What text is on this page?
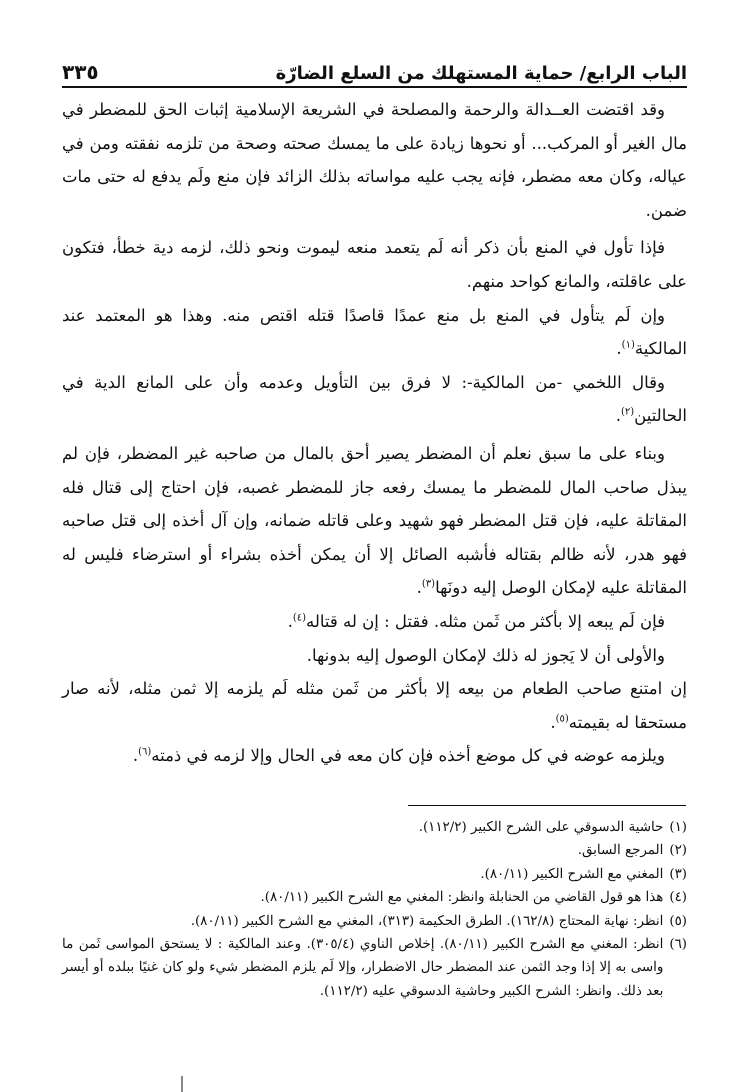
الباب الرابع/ حماية المستهلك من السلع الضارّة
٣٣٥

وقد اقتضت العــدالة والرحمة والمصلحة في الشريعة الإسلامية إثبات الحق للمضطر في مال الغير أو المركب... أو نحوها زيادة على ما يمسك صحته وصحة من تلزمه نفقته ومن في عياله، وكان معه مضطر، فإنه يجب عليه مواساته بذلك الزائد فإن منع ولَم يدفع له حتى مات ضمن.

فإذا تأول في المنع بأن ذكر أنه لَم يتعمد منعه ليموت ونحو ذلك، لزمه دية خطأ، فتكون على عاقلته، والمانع كواحد منهم.

وإن لَم يتأول في المنع بل منع عمدًا قاصدًا قتله اقتص منه. وهذا هو المعتمد عند المالكية$^{(١)}$.

وقال اللخمي -من المالكية-: لا فرق بين التأويل وعدمه وأن على المانع الدية في الحالتين$^{(٢)}$.

وبناء على ما سبق نعلم أن المضطر يصير أحق بالمال من صاحبه غير المضطر، فإن لم يبذل صاحب المال للمضطر ما يمسك رفعه جاز للمضطر غصبه، فإن احتاج إلى قتال فله المقاتلة عليه، فإن قتل المضطر فهو شهيد وعلى قاتله ضمانه، وإن آل أخذه إلى قتل صاحبه فهو هدر، لأنه ظالم بقتاله فأشبه الصائل إلا أن يمكن أخذه بشراء أو استرضاء فليس له المقاتلة عليه لإمكان الوصل إليه دونَها$^{(٣)}$.

فإن لَم يبعه إلا بأكثر من ثَمن مثله. فقتل : إن له قتاله$^{(٤)}$.

والأولى أن لا يَجوز له ذلك لإمكان الوصول إليه بدونها.

إن امتنع صاحب الطعام من بيعه إلا بأكثر من ثَمن مثله لَم يلزمه إلا ثمن مثله، لأنه صار مستحقا له بقيمته$^{(٥)}$.

ويلزمه عوضه في كل موضع أخذه فإن كان معه في الحال وإلا لزمه في ذمته$^{(٦)}$.

(١)
حاشية الدسوقي على الشرح الكبير (١١٢/٢).
(٢)
المرجع السابق.
(٣)
المغني مع الشرح الكبير (٨٠/١١).
(٤)
هذا هو قول القاضي من الحنابلة وانظر: المغني مع الشرح الكبير (٨٠/١١).
(٥)
انظر: نهاية المحتاج (١٦٢/٨). الطرق الحكيمة (٣١٣)، المغني مع الشرح الكبير (٨٠/١١).
(٦)
انظر: المغني مع الشرح الكبير (٨٠/١١). إخلاص الناوي (٣٠٥/٤). وعند المالكية : لا يستحق المواسى ثَمن ما واسى به إلا إذا وجد الثمن عند المضطر حال الاضطرار، وإلا لَم يلزم المضطر شيء ولو كان غنيًا ببلده أو أيسر بعد ذلك. وانظر: الشرح الكبير وحاشية الدسوقي عليه (١١٢/٢).
